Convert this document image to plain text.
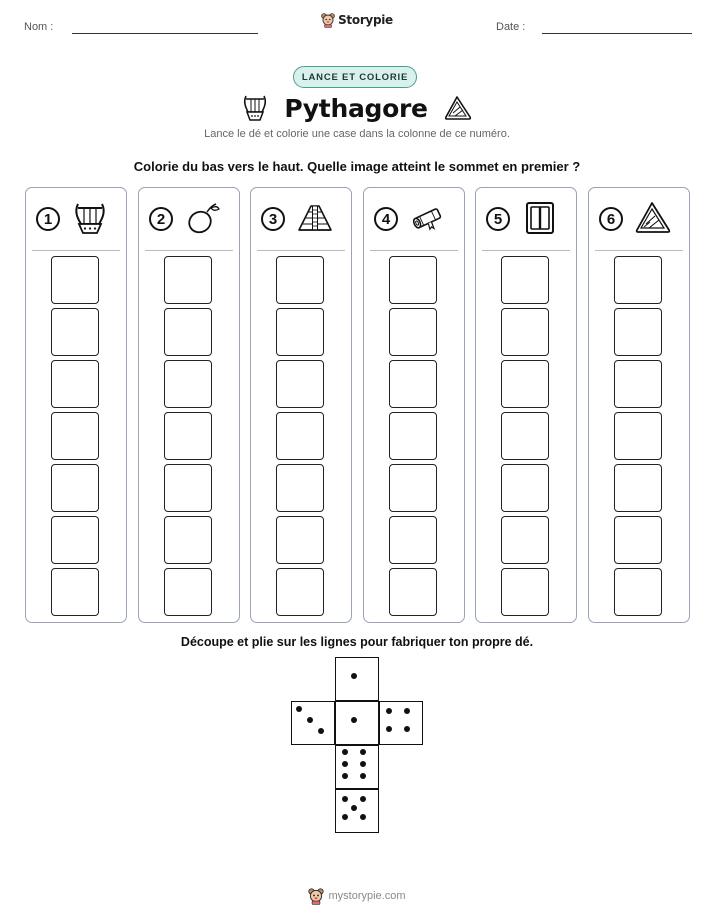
Nom :	Date :
Storypie
LANCE ET COLORIE
Pythagore
Lance le dé et colorie une case dans la colonne de ce numéro.
Colorie du bas vers le haut. Quelle image atteint le sommet en premier ?
1	2	3	4	5	6
Découpe et plie sur les lignes pour fabriquer ton propre dé.
mystorypie.com
